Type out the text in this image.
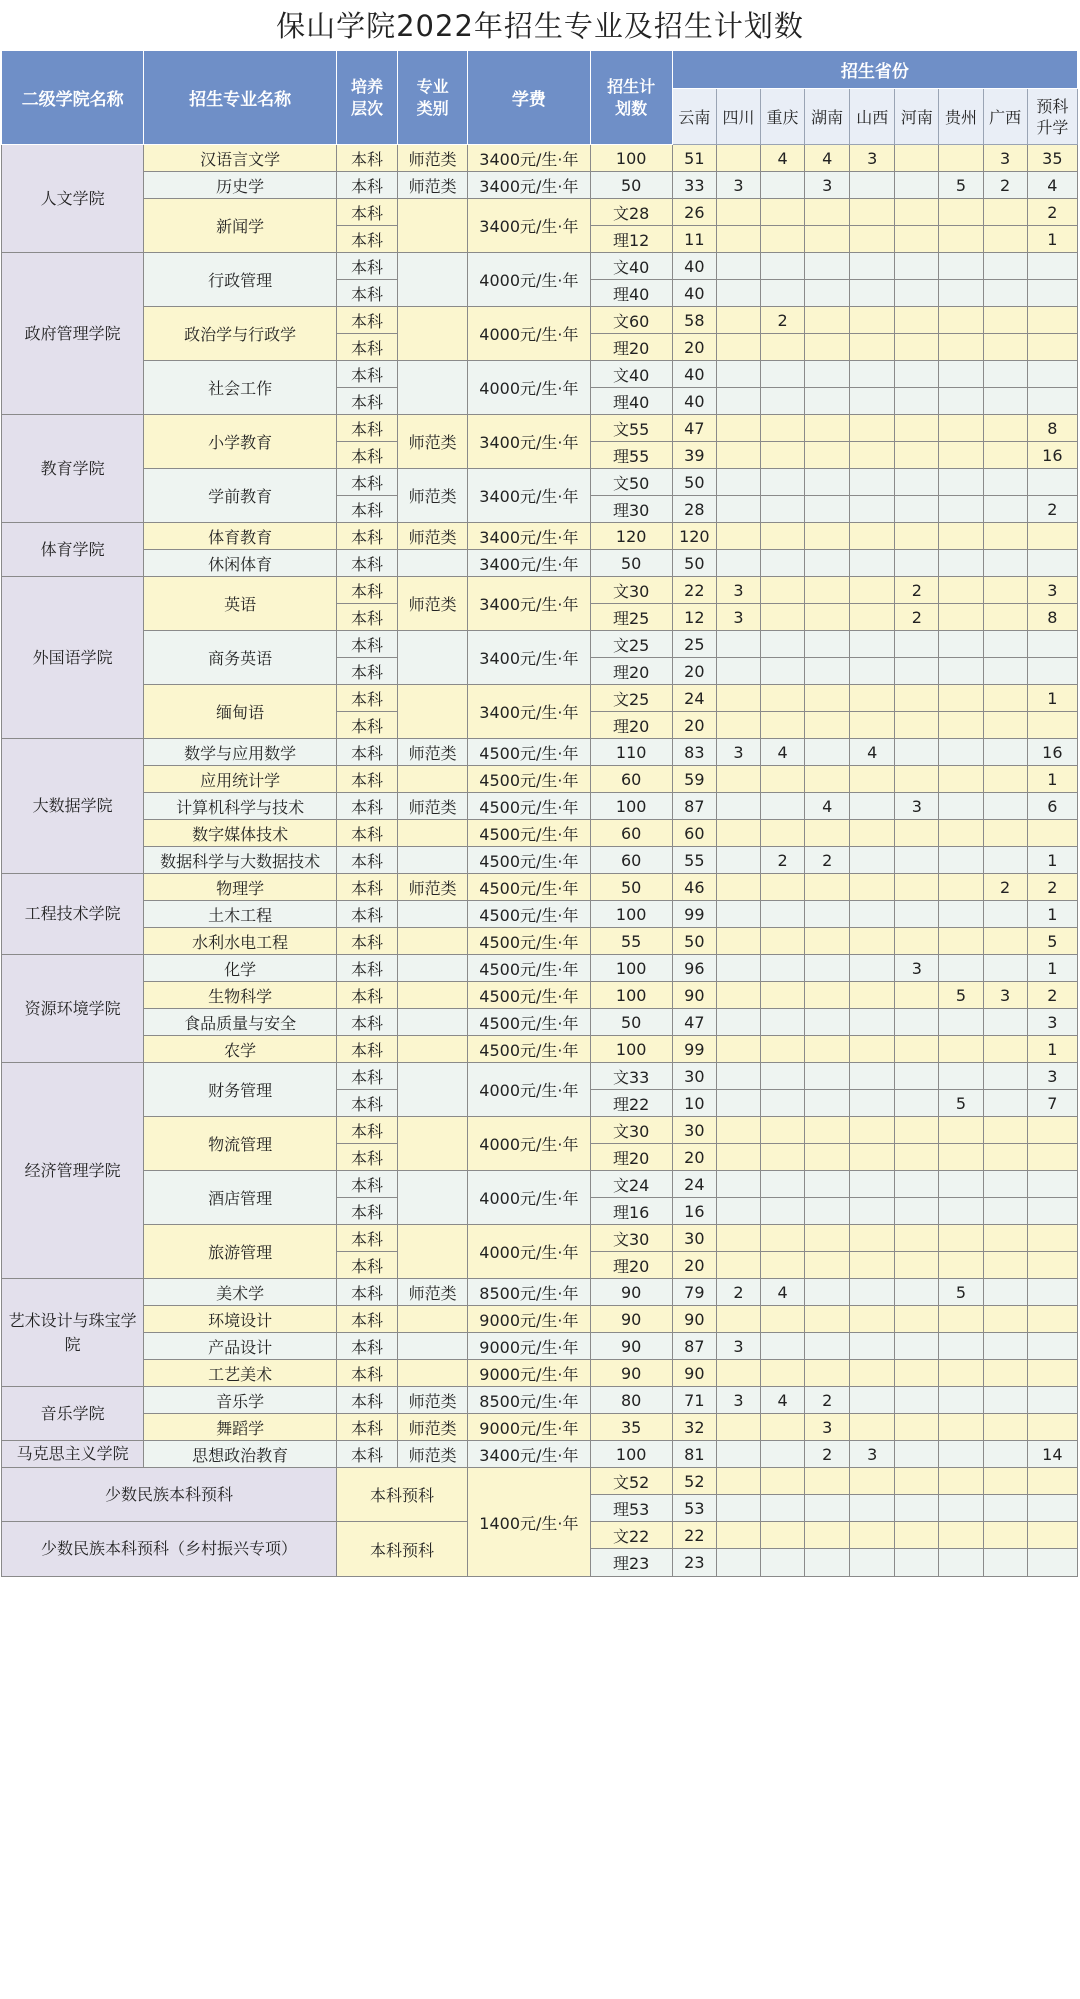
保山学院2022年招生专业及招生计划数
二级学院名称	招生专业名称	培养层次	专业类别	学费	招生计划数	招生省份								
						云南	四川	重庆	湖南	山西	河南	贵州	广西	预科升学
人文学院	汉语言文学	本科	师范类	3400元/生·年	100	51		4	4	3			3	35
	历史学	本科	师范类	3400元/生·年	50	33	3		3			5	2	4
	新闻学	本科		3400元/生·年	文28	26								2
		本科			理12	11								1
政府管理学院	行政管理	本科		4000元/生·年	文40	40								
		本科			理40	40								
	政治学与行政学	本科		4000元/生·年	文60	58		2						
		本科			理20	20								
	社会工作	本科		4000元/生·年	文40	40								
		本科			理40	40								
教育学院	小学教育	本科	师范类	3400元/生·年	文55	47								8
		本科			理55	39								16
	学前教育	本科	师范类	3400元/生·年	文50	50								
		本科			理30	28								2
体育学院	体育教育	本科	师范类	3400元/生·年	120	120								
	休闲体育	本科		3400元/生·年	50	50								
外国语学院	英语	本科	师范类	3400元/生·年	文30	22	3				2			3
		本科			理25	12	3				2			8
	商务英语	本科		3400元/生·年	文25	25								
		本科			理20	20								
	缅甸语	本科		3400元/生·年	文25	24								1
		本科			理20	20								
大数据学院	数学与应用数学	本科	师范类	4500元/生·年	110	83	3	4		4				16
	应用统计学	本科		4500元/生·年	60	59								1
	计算机科学与技术	本科	师范类	4500元/生·年	100	87			4		3			6
	数字媒体技术	本科		4500元/生·年	60	60								
	数据科学与大数据技术	本科		4500元/生·年	60	55		2	2					1
工程技术学院	物理学	本科	师范类	4500元/生·年	50	46							2	2
	土木工程	本科		4500元/生·年	100	99								1
	水利水电工程	本科		4500元/生·年	55	50								5
资源环境学院	化学	本科		4500元/生·年	100	96					3			1
	生物科学	本科		4500元/生·年	100	90						5	3	2
	食品质量与安全	本科		4500元/生·年	50	47								3
	农学	本科		4500元/生·年	100	99								1
经济管理学院	财务管理	本科		4000元/生·年	文33	30								3
		本科			理22	10						5		7
	物流管理	本科		4000元/生·年	文30	30								
		本科			理20	20								
	酒店管理	本科		4000元/生·年	文24	24								
		本科			理16	16								
	旅游管理	本科		4000元/生·年	文30	30								
		本科			理20	20								
艺术设计与珠宝学院	美术学	本科	师范类	8500元/生·年	90	79	2	4				5		
	环境设计	本科		9000元/生·年	90	90								
	产品设计	本科		9000元/生·年	90	87	3							
	工艺美术	本科		9000元/生·年	90	90								
音乐学院	音乐学	本科	师范类	8500元/生·年	80	71	3	4	2					
	舞蹈学	本科	师范类	9000元/生·年	35	32			3					
马克思主义学院	思想政治教育	本科	师范类	3400元/生·年	100	81			2	3				14
少数民族本科预科		本科预科		1400元/生·年	文52	52								
					理53	53								
少数民族本科预科（乡村振兴专项）		本科预科			文22	22								
					理23	23								
